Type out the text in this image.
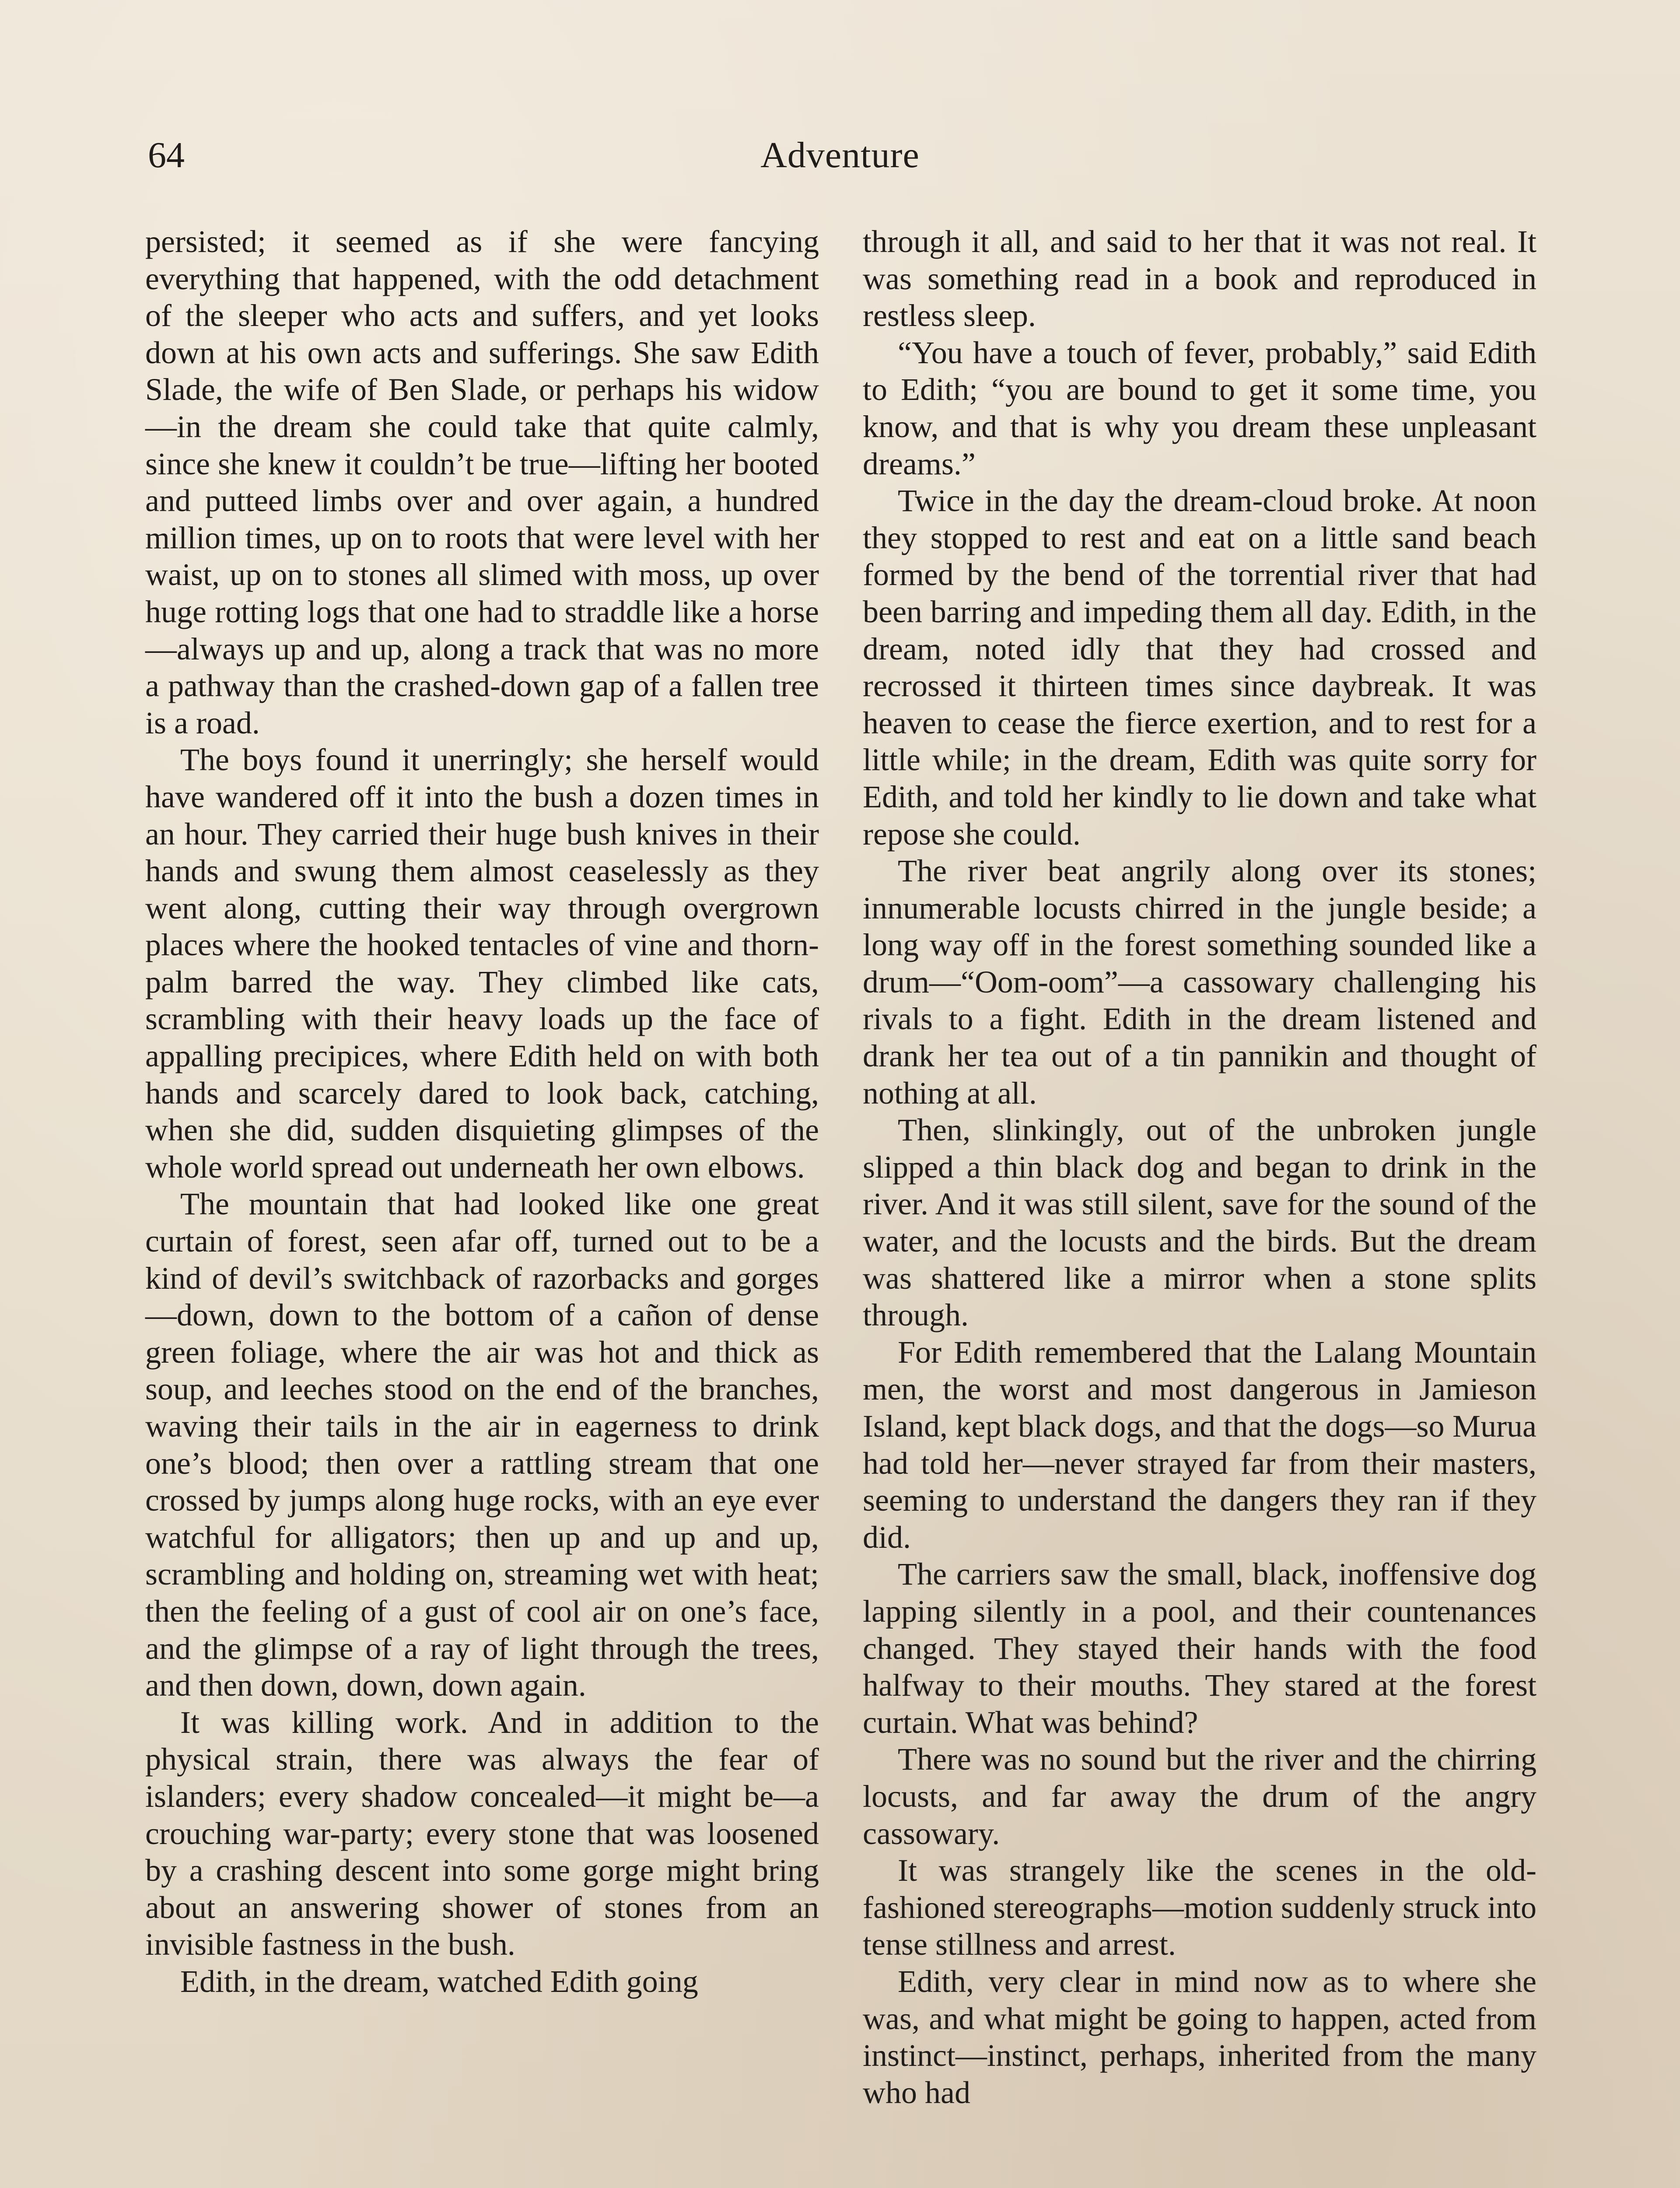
64	Adventure

persisted; it seemed as if she were fancying everything that happened, with the odd detachment of the sleeper who acts and suffers, and yet looks down at his own acts and sufferings. She saw Edith Slade, the wife of Ben Slade, or perhaps his widow—in the dream she could take that quite calmly, since she knew it couldn’t be true—lifting her booted and putteed limbs over and over again, a hundred million times, up on to roots that were level with her waist, up on to stones all slimed with moss, up over huge rotting logs that one had to straddle like a horse—always up and up, along a track that was no more a pathway than the crashed-down gap of a fallen tree is a road.

The boys found it unerringly; she herself would have wandered off it into the bush a dozen times in an hour. They carried their huge bush knives in their hands and swung them almost ceaselessly as they went along, cutting their way through overgrown places where the hooked tentacles of vine and thorn-palm barred the way. They climbed like cats, scrambling with their heavy loads up the face of appalling precipices, where Edith held on with both hands and scarcely dared to look back, catching, when she did, sudden disquieting glimpses of the whole world spread out underneath her own elbows.

The mountain that had looked like one great curtain of forest, seen afar off, turned out to be a kind of devil’s switchback of razorbacks and gorges—down, down to the bottom of a cañon of dense green foliage, where the air was hot and thick as soup, and leeches stood on the end of the branches, waving their tails in the air in eagerness to drink one’s blood; then over a rattling stream that one crossed by jumps along huge rocks, with an eye ever watchful for alligators; then up and up and up, scrambling and holding on, streaming wet with heat; then the feeling of a gust of cool air on one’s face, and the glimpse of a ray of light through the trees, and then down, down, down again.

It was killing work. And in addition to the physical strain, there was always the fear of islanders; every shadow concealed—it might be—a crouching war-party; every stone that was loosened by a crashing descent into some gorge might bring about an answering shower of stones from an invisible fastness in the bush.

Edith, in the dream, watched Edith going

through it all, and said to her that it was not real. It was something read in a book and reproduced in restless sleep.

“You have a touch of fever, probably,” said Edith to Edith; “you are bound to get it some time, you know, and that is why you dream these unpleasant dreams.”

Twice in the day the dream-cloud broke. At noon they stopped to rest and eat on a little sand beach formed by the bend of the torrential river that had been barring and impeding them all day. Edith, in the dream, noted idly that they had crossed and recrossed it thirteen times since daybreak. It was heaven to cease the fierce exertion, and to rest for a little while; in the dream, Edith was quite sorry for Edith, and told her kindly to lie down and take what repose she could.

The river beat angrily along over its stones; innumerable locusts chirred in the jungle beside; a long way off in the forest something sounded like a drum—“Oom-oom”—a cassowary challenging his rivals to a fight. Edith in the dream listened and drank her tea out of a tin pannikin and thought of nothing at all.

Then, slinkingly, out of the unbroken jungle slipped a thin black dog and began to drink in the river. And it was still silent, save for the sound of the water, and the locusts and the birds. But the dream was shattered like a mirror when a stone splits through.

For Edith remembered that the Lalang Mountain men, the worst and most dangerous in Jamieson Island, kept black dogs, and that the dogs—so Murua had told her—never strayed far from their masters, seeming to understand the dangers they ran if they did.

The carriers saw the small, black, inoffensive dog lapping silently in a pool, and their countenances changed. They stayed their hands with the food halfway to their mouths. They stared at the forest curtain. What was behind?

There was no sound but the river and the chirring locusts, and far away the drum of the angry cassowary.

It was strangely like the scenes in the old-fashioned stereographs—motion suddenly struck into tense stillness and arrest.

Edith, very clear in mind now as to where she was, and what might be going to happen, acted from instinct—instinct, perhaps, inherited from the many who had
